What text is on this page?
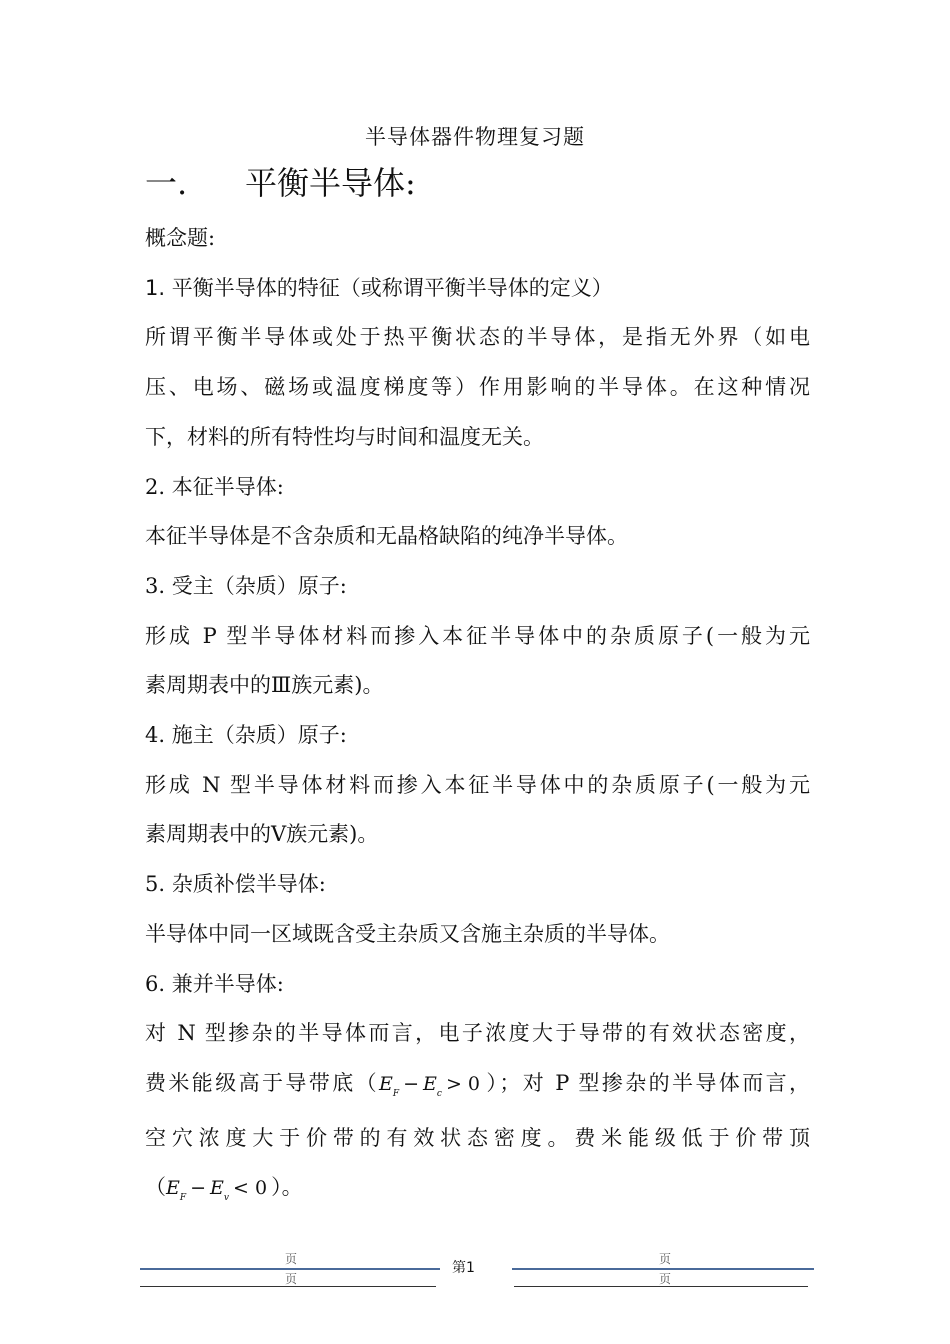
半导体器件物理复习题
一. 平衡半导体:

概念题:

1. 平衡半导体的特征（或称谓平衡半导体的定义）

所谓平衡半导体或处于热平衡状态的半导体，是指无外界（如电

压、电场、磁场或温度梯度等）作用影响的半导体。在这种情况

下，材料的所有特性均与时间和温度无关。

2. 本征半导体:

本征半导体是不含杂质和无晶格缺陷的纯净半导体。

3. 受主（杂质）原子:

形成 P 型半导体材料而掺入本征半导体中的杂质原子(一般为元

素周期表中的Ⅲ族元素)。

4. 施主（杂质）原子:

形成 N 型半导体材料而掺入本征半导体中的杂质原子(一般为元

素周期表中的Ⅴ族元素)。

5. 杂质补偿半导体:

半导体中同一区域既含受主杂质又含施主杂质的半导体。

6. 兼并半导体:

对 N 型掺杂的半导体而言，电子浓度大于导带的有效状态密度，

费米能级高于导带底（$E_F - E_c > 0$ ）；对 P 型掺杂的半导体而言，

空穴浓度大于价带的有效状态密度。费米能级低于价带顶

（$E_F - E_v < 0$ ）。

页
页
页
页
第1
